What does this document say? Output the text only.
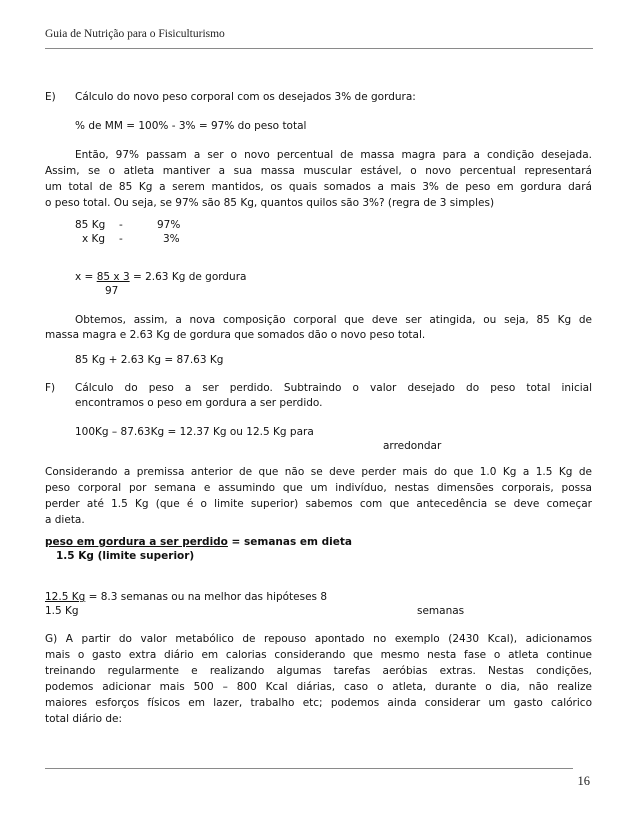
Guia de Nutrição para o Fisiculturismo
E) Cálculo do novo peso corporal com os desejados 3% de gordura:
% de MM = 100% - 3% = 97% do peso total
Então, 97% passam a ser o novo percentual de massa magra para a condição desejada.
Assim, se o atleta mantiver a sua massa muscular estável, o novo percentual representará
um total de 85 Kg a serem mantidos, os quais somados a mais 3% de peso em gordura dará
o peso total. Ou seja, se 97% são 85 Kg, quantos quilos são 3%? (regra de 3 simples)
85 Kg -	97%
x Kg -	3%
x = 85 x 3 = 2.63 Kg de gordura
97
Obtemos, assim, a nova composição corporal que deve ser atingida, ou seja, 85 Kg de
massa magra e 2.63 Kg de gordura que somados dão o novo peso total.
85 Kg + 2.63 Kg = 87.63 Kg
F) Cálculo do peso a ser perdido. Subtraindo o valor desejado do peso total inicial
encontramos o peso em gordura a ser perdido.
100Kg – 87.63Kg = 12.37 Kg ou 12.5 Kg para
arredondar
Considerando a premissa anterior de que não se deve perder mais do que 1.0 Kg a 1.5 Kg de
peso corporal por semana e assumindo que um indivíduo, nestas dimensões corporais, possa
perder até 1.5 Kg (que é o limite superior) sabemos com que antecedência se deve começar
a dieta.
peso em gordura a ser perdido = semanas em dieta
1.5 Kg (limite superior)
12.5 Kg = 8.3 semanas ou na melhor das hipóteses 8
1.5 Kg	semanas
G) A partir do valor metabólico de repouso apontado no exemplo (2430 Kcal), adicionamos
mais o gasto extra diário em calorias considerando que mesmo nesta fase o atleta continue
treinando regularmente e realizando algumas tarefas aeróbias extras. Nestas condições,
podemos adicionar mais 500 – 800 Kcal diárias, caso o atleta, durante o dia, não realize
maiores esforços físicos em lazer, trabalho etc; podemos ainda considerar um gasto calórico
total diário de:
16
